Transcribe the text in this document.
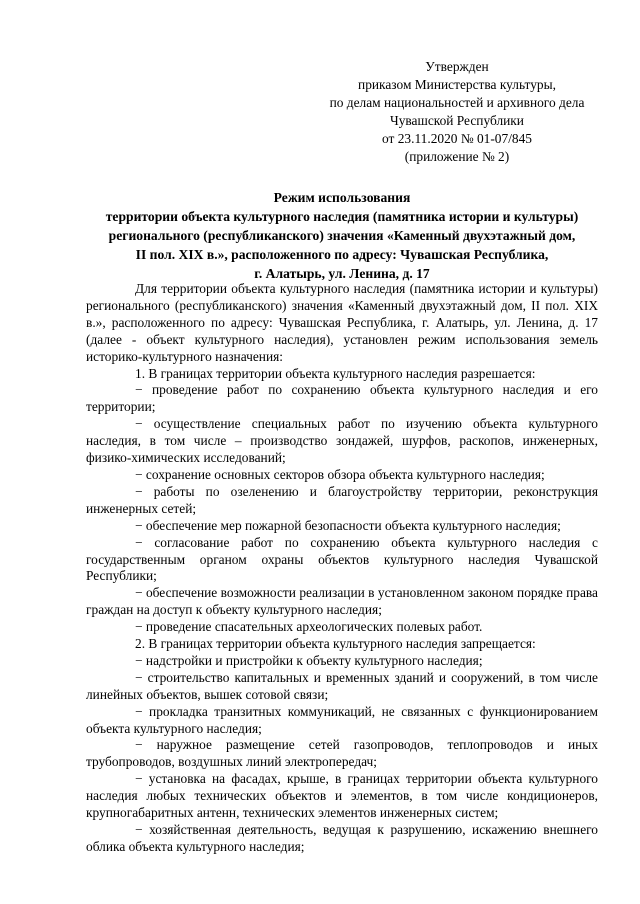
Утвержден
приказом Министерства культуры,
по делам национальностей и архивного дела
Чувашской Республики
от 23.11.2020 № 01-07/845
(приложение № 2)
Режим использования
территории объекта культурного наследия (памятника истории и культуры)
регионального (республиканского) значения «Каменный двухэтажный дом,
II пол. XIX в.», расположенного по адресу: Чувашская Республика,
г. Алатырь, ул. Ленина, д. 17

Для территории объекта культурного наследия (памятника истории и культуры) регионального (республиканского) значения «Каменный двухэтажный дом, II пол. XIX в.», расположенного по адресу: Чувашская Республика, г. Алатырь, ул. Ленина, д. 17 (далее - объект культурного наследия), установлен режим использования земель историко-культурного назначения:

1. В границах территории объекта культурного наследия разрешается:

− проведение работ по сохранению объекта культурного наследия и его территории;

− осуществление специальных работ по изучению объекта культурного наследия, в том числе – производство зондажей, шурфов, раскопов, инженерных, физико-химических исследований;

− сохранение основных секторов обзора объекта культурного наследия;

− работы по озеленению и благоустройству территории, реконструкция инженерных сетей;

− обеспечение мер пожарной безопасности объекта культурного наследия;

− согласование работ по сохранению объекта культурного наследия с государственным органом охраны объектов культурного наследия Чувашской Республики;

− обеспечение возможности реализации в установленном законом порядке права граждан на доступ к объекту культурного наследия;

− проведение спасательных археологических полевых работ.

2. В границах территории объекта культурного наследия запрещается:

− надстройки и пристройки к объекту культурного наследия;

− строительство капитальных и временных зданий и сооружений, в том числе линейных объектов, вышек сотовой связи;

− прокладка транзитных коммуникаций, не связанных с функционированием объекта культурного наследия;

− наружное размещение сетей газопроводов, теплопроводов и иных трубопроводов, воздушных линий электропередач;

− установка на фасадах, крыше, в границах территории объекта культурного наследия любых технических объектов и элементов, в том числе кондиционеров, крупногабаритных антенн, технических элементов инженерных систем;

− хозяйственная деятельность, ведущая к разрушению, искажению внешнего облика объекта культурного наследия;
